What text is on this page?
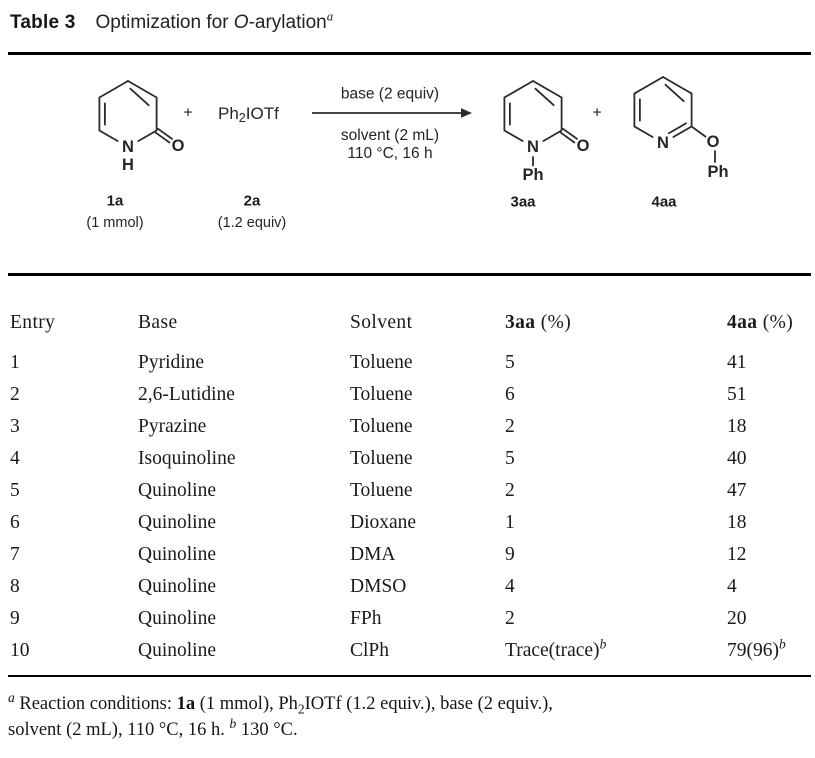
Table 3 Optimization for O-arylation$^a$
N
H
O
+ $Ph_2IOTf$
base (2 equiv)
solvent (2 mL)
110 °C, 16 h
1a
(1 mmol)
2a
(1.2 equiv)
N O
Ph
3aa
+
N O
Ph
4aa
Entry	Base	Solvent	3aa (%)	4aa (%)
1	Pyridine	Toluene	5	41
2	2,6-Lutidine	Toluene	6	51
3	Pyrazine	Toluene	2	18
4	Isoquinoline	Toluene	5	40
5	Quinoline	Toluene	2	47
6	Quinoline	Dioxane	1	18
7	Quinoline	DMA	9	12
8	Quinoline	DMSO	4	4
9	Quinoline	FPh	2	20
10	Quinoline	ClPh	Trace(trace)$^b$	$79(96)^b$
$^a$ Reaction conditions: 1a (1 mmol), $Ph_2IOTf$ (1.2 equiv.), base (2 equiv.),
solvent (2 mL), 110 °C, 16 h. $^b$ 130 °C.
